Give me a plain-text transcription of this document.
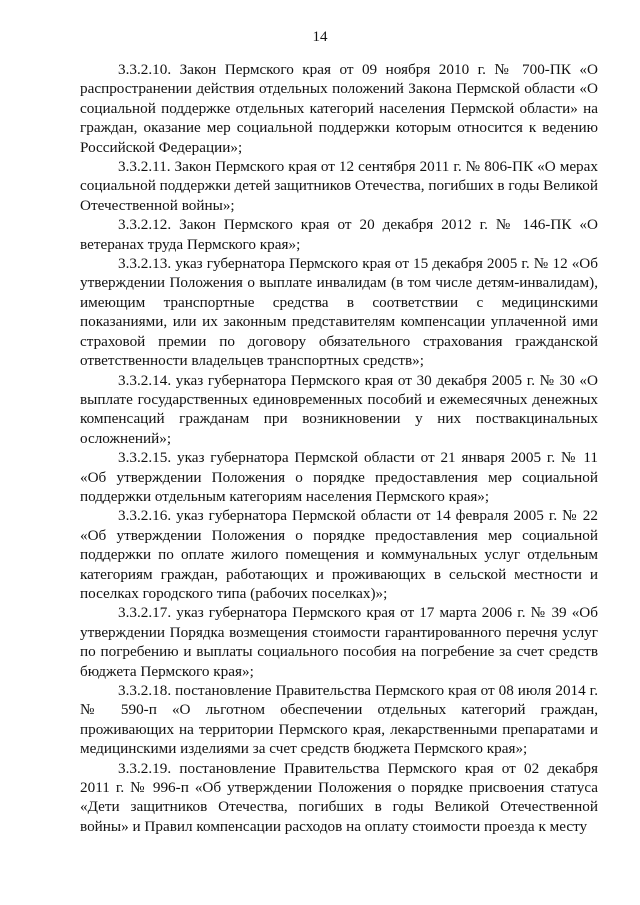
14

3.3.2.10. Закон Пермского края от 09 ноября 2010 г. № 700-ПК «О распространении действия отдельных положений Закона Пермской области «О социальной поддержке отдельных категорий населения Пермской области» на граждан, оказание мер социальной поддержки которым относится к ведению Российской Федерации»;

3.3.2.11. Закон Пермского края от 12 сентября 2011 г. № 806-ПК «О мерах социальной поддержки детей защитников Отечества, погибших в годы Великой Отечественной войны»;

3.3.2.12. Закон Пермского края от 20 декабря 2012 г. № 146-ПК «О ветеранах труда Пермского края»;

3.3.2.13. указ губернатора Пермского края от 15 декабря 2005 г. № 12 «Об утверждении Положения о выплате инвалидам (в том числе детям-инвалидам), имеющим транспортные средства в соответствии с медицинскими показаниями, или их законным представителям компенсации уплаченной ими страховой премии по договору обязательного страхования гражданской ответственности владельцев транспортных средств»;

3.3.2.14. указ губернатора Пермского края от 30 декабря 2005 г. № 30 «О выплате государственных единовременных пособий и ежемесячных денежных компенсаций гражданам при возникновении у них поствакцинальных осложнений»;

3.3.2.15. указ губернатора Пермской области от 21 января 2005 г. № 11 «Об утверждении Положения о порядке предоставления мер социальной поддержки отдельным категориям населения Пермского края»;

3.3.2.16. указ губернатора Пермской области от 14 февраля 2005 г. № 22 «Об утверждении Положения о порядке предоставления мер социальной поддержки по оплате жилого помещения и коммунальных услуг отдельным категориям граждан, работающих и проживающих в сельской местности и поселках городского типа (рабочих поселках)»;

3.3.2.17. указ губернатора Пермского края от 17 марта 2006 г. № 39 «Об утверждении Порядка возмещения стоимости гарантированного перечня услуг по погребению и выплаты социального пособия на погребение за счет средств бюджета Пермского края»;

3.3.2.18. постановление Правительства Пермского края от 08 июля 2014 г. № 590-п «О льготном обеспечении отдельных категорий граждан, проживающих на территории Пермского края, лекарственными препаратами и медицинскими изделиями за счет средств бюджета Пермского края»;

3.3.2.19. постановление Правительства Пермского края от 02 декабря 2011 г. № 996-п «Об утверждении Положения о порядке присвоения статуса «Дети защитников Отечества, погибших в годы Великой Отечественной войны» и Правил компенсации расходов на оплату стоимости проезда к месту
